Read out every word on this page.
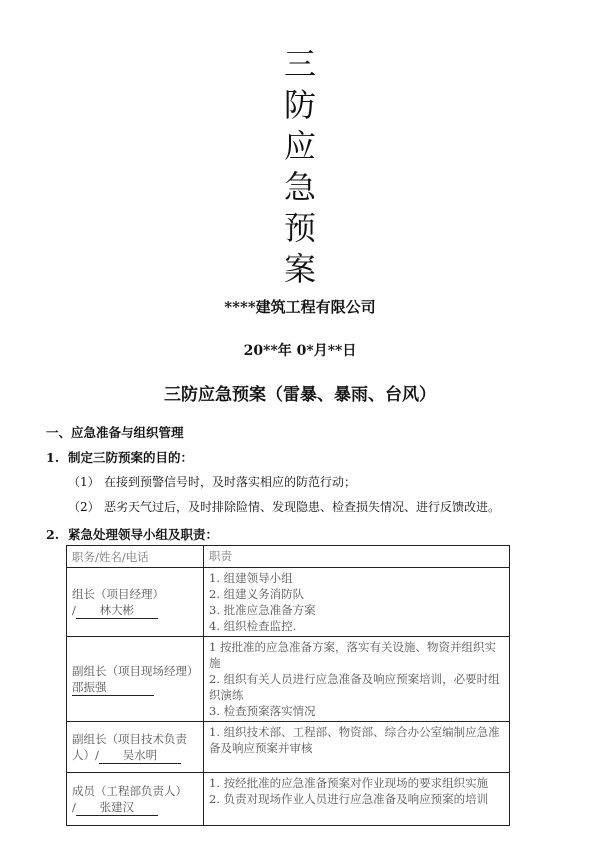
三
防
应
急
预
案
****建筑工程有限公司
20**年 0*月**日
三防应急预案（雷暴、暴雨、台风）
一、应急准备与组织管理
1. 制定三防预案的目的：
（1） 在接到预警信号时，及时落实相应的防范行动；
（2） 恶劣天气过后，及时排除险情、发现隐患、检查损失情况、进行反馈改进。
2. 紧急处理领导小组及职责：
职务/姓名/电话	职责

组长（项目经理）
/ 林大彬	1. 组建领导小组
2. 组建义务消防队
3. 批准应急准备方案
4. 组织检查监控.

副组长（项目现场经理）
邵振强	1 按批准的应急准备方案，落实有关设施、物资并组织实施
2. 组织有关人员进行应急准备及响应预案培训，必要时组织演练
3. 检查预案落实情况

副组长（项目技术负责
人）/ 吴水明	1. 组织技术部、工程部、物资部、综合办公室编制应急准备及响应预案并审核

成员（工程部负责人）
/ 张建汉	1. 按经批准的应急准备预案对作业现场的要求组织实施
2. 负责对现场作业人员进行应急准备及响应预案的培训
